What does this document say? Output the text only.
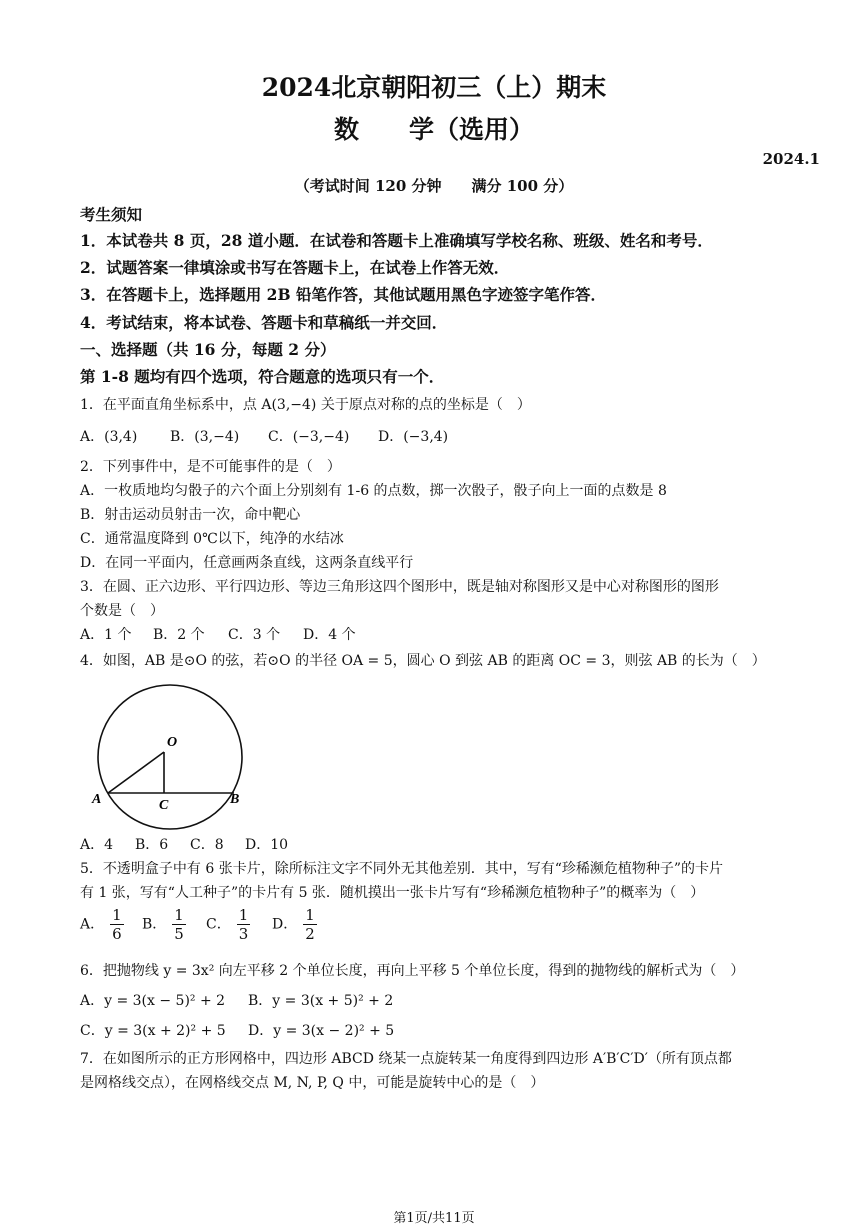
2024北京朝阳初三（上）期末
数　　学（选用）
2024.1
（考试时间 120 分钟　　满分 100 分）
考生须知
1．本试卷共 8 页，28 道小题．在试卷和答题卡上准确填写学校名称、班级、姓名和考号．
2．试题答案一律填涂或书写在答题卡上，在试卷上作答无效．
3．在答题卡上，选择题用 2B 铅笔作答，其他试题用黑色字迹签字笔作答．
4．考试结束，将本试卷、答题卡和草稿纸一并交回．
一、选择题（共 16 分，每题 2 分）
第 1-8 题均有四个选项，符合题意的选项只有一个．
1．在平面直角坐标系中，点 A(3,−4) 关于原点对称的点的坐标是（　）
A．(3,4) B．(3,−4) C．(−3,−4) D．(−3,4)
2．下列事件中，是不可能事件的是（　）
A．一枚质地均匀骰子的六个面上分别刻有 1-6 的点数，掷一次骰子，骰子向上一面的点数是 8
B．射击运动员射击一次，命中靶心
C．通常温度降到 0℃以下，纯净的水结冰
D．在同一平面内，任意画两条直线，这两条直线平行
3．在圆、正六边形、平行四边形、等边三角形这四个图形中，既是轴对称图形又是中心对称图形的图形
个数是（　）
A．1 个 B．2 个 C．3 个 D．4 个
4．如图，AB 是⊙O 的弦，若⊙O 的半径 OA = 5，圆心 O 到弦 AB 的距离 OC = 3，则弦 AB 的长为（　）
O
A	B
C
A．4 B．6 C．8 D．10
5．不透明盒子中有 6 张卡片，除所标注文字不同外无其他差别．其中，写有“珍稀濒危植物种子”的卡片
有 1 张，写有“人工种子”的卡片有 5 张．随机摸出一张卡片写有“珍稀濒危植物种子”的概率为（　）
A． $\frac{1}{6}$ B． $\frac{1}{5}$ C． $\frac{1}{3}$ D． $\frac{1}{2}$
6．把抛物线 y = 3x² 向左平移 2 个单位长度，再向上平移 5 个单位长度，得到的抛物线的解析式为（　）
A．y = 3(x − 5)² + 2 B．y = 3(x + 5)² + 2
C．y = 3(x + 2)² + 5 D．y = 3(x − 2)² + 5
7．在如图所示的正方形网格中，四边形 ABCD 绕某一点旋转某一角度得到四边形 A′B′C′D′（所有顶点都
是网格线交点），在网格线交点 M, N, P, Q 中，可能是旋转中心的是（　）
第1页/共11页
